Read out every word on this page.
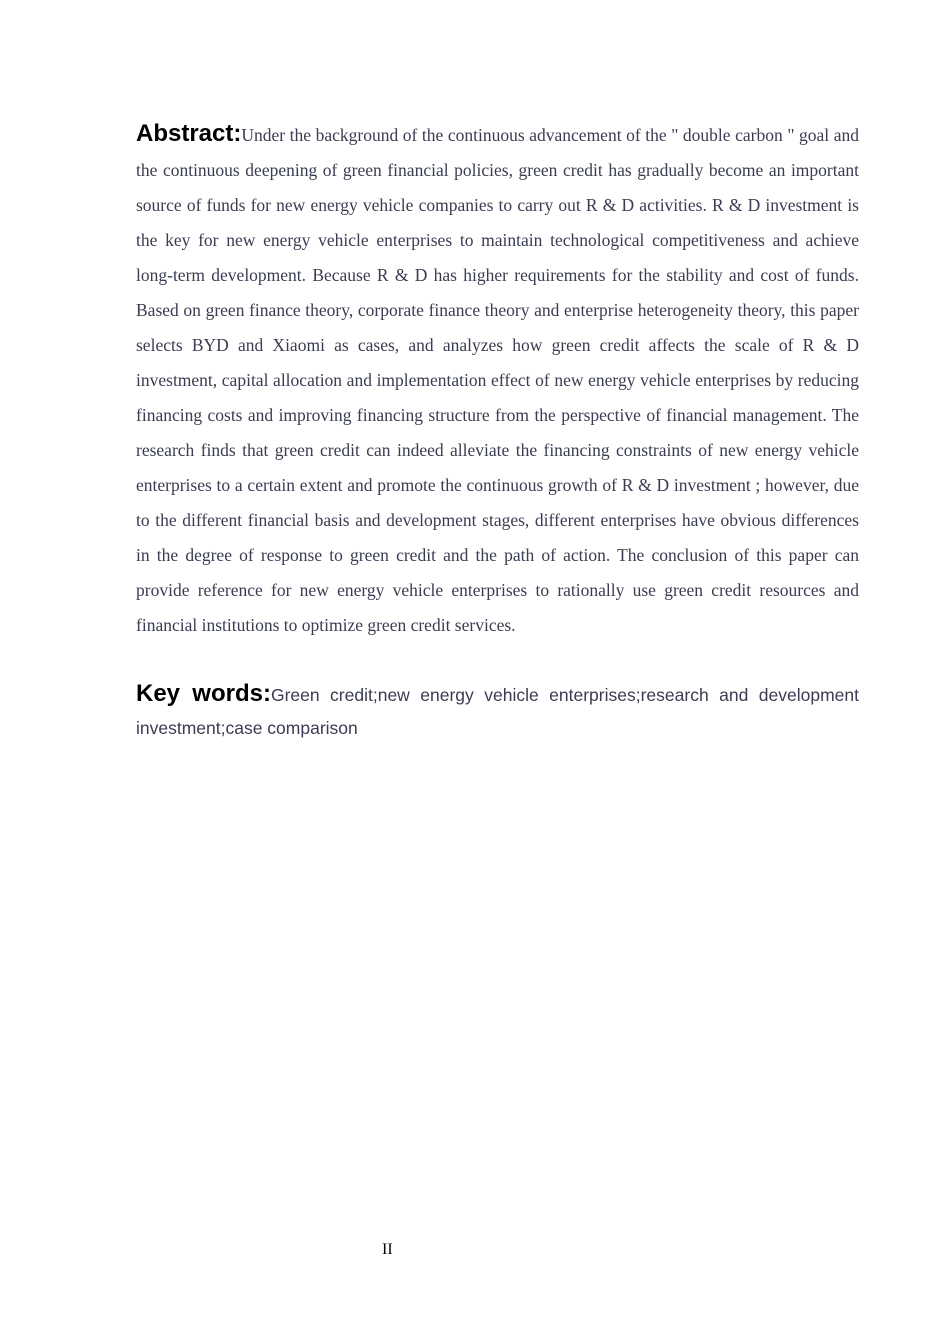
Abstract:Under the background of the continuous advancement of the " double carbon " goal and the continuous deepening of green financial policies, green credit has gradually become an important source of funds for new energy vehicle companies to carry out R & D activities. R & D investment is the key for new energy vehicle enterprises to maintain technological competitiveness and achieve long-term development. Because R & D has higher requirements for the stability and cost of funds. Based on green finance theory, corporate finance theory and enterprise heterogeneity theory, this paper selects BYD and Xiaomi as cases, and analyzes how green credit affects the scale of R & D investment, capital allocation and implementation effect of new energy vehicle enterprises by reducing financing costs and improving financing structure from the perspective of financial management. The research finds that green credit can indeed alleviate the financing constraints of new energy vehicle enterprises to a certain extent and promote the continuous growth of R & D investment ; however, due to the different financial basis and development stages, different enterprises have obvious differences in the degree of response to green credit and the path of action. The conclusion of this paper can provide reference for new energy vehicle enterprises to rationally use green credit resources and financial institutions to optimize green credit services.

Key words:Green credit;new energy vehicle enterprises;research and development investment;case comparison

II
